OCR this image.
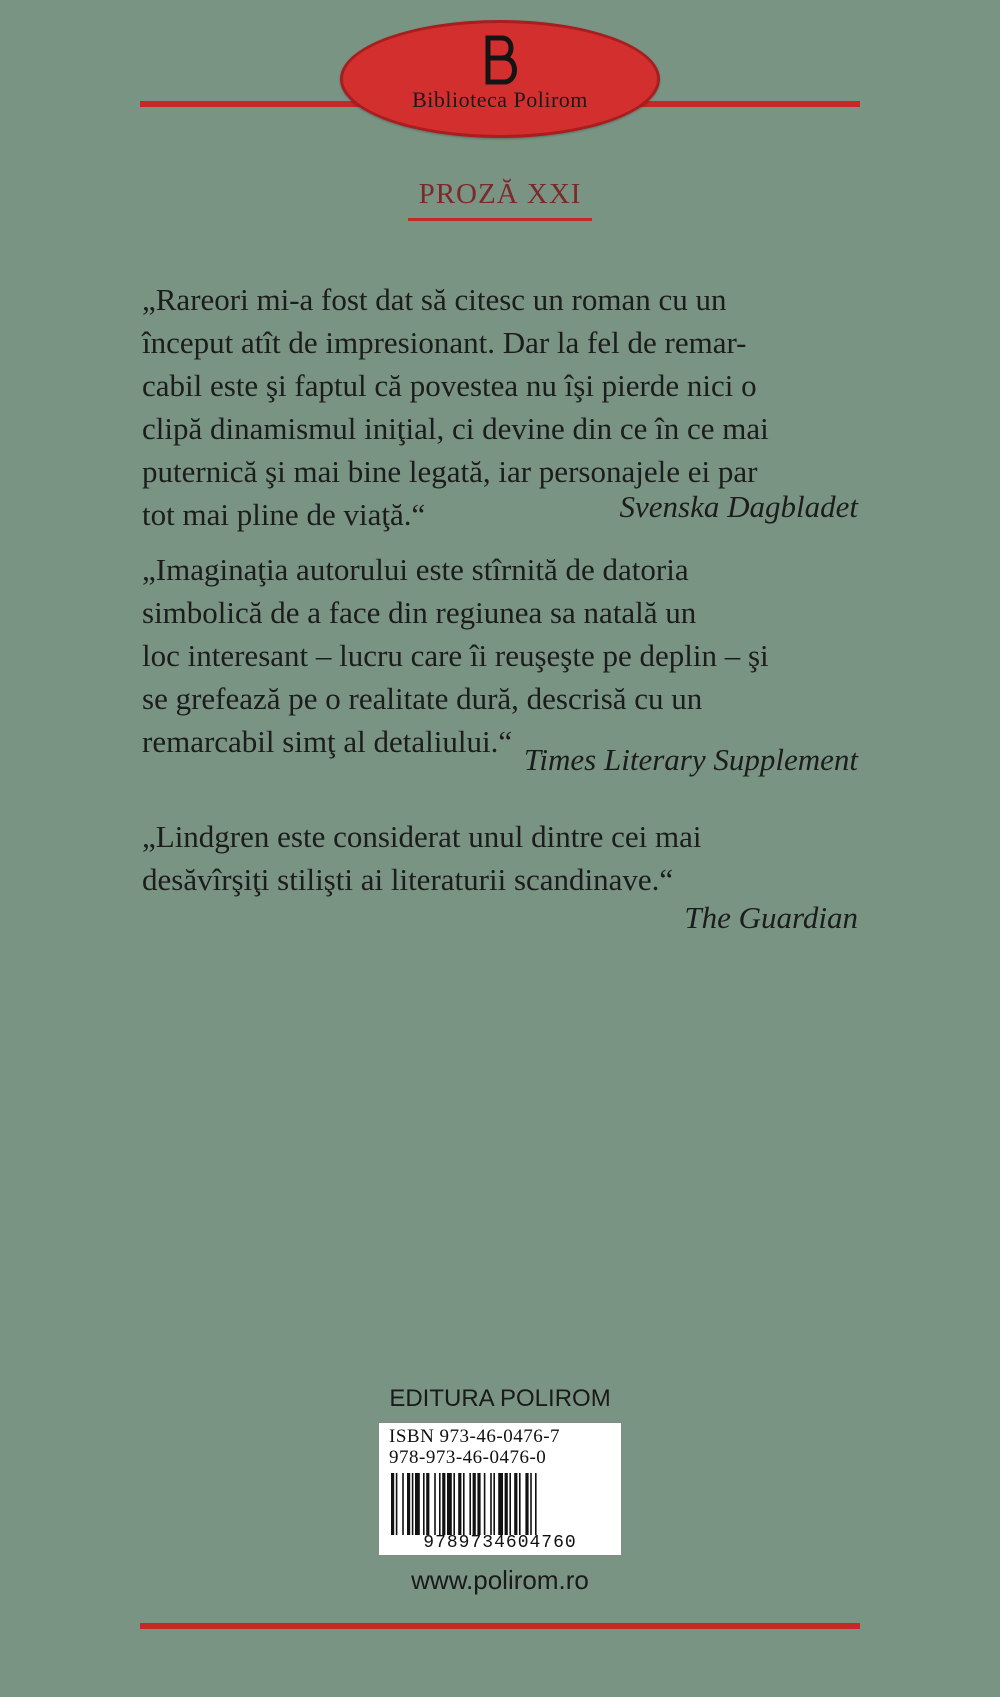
Biblioteca Polirom
PROZĂ XXI
„Rareori mi-a fost dat să citesc un roman cu un
început atît de impresionant. Dar la fel de remar-
cabil este şi faptul că povestea nu îşi pierde nici o
clipă dinamismul iniţial, ci devine din ce în ce mai
puternică şi mai bine legată, iar personajele ei par
tot mai pline de viaţă.“	Svenska Dagbladet
„Imaginaţia autorului este stîrnită de datoria
simbolică de a face din regiunea sa natală un
loc interesant – lucru care îi reuşeşte pe deplin – şi
se grefează pe o realitate dură, descrisă cu un
remarcabil simţ al detaliului.“
Times Literary Supplement
„Lindgren este considerat unul dintre cei mai
desăvîrşiţi stilişti ai literaturii scandinave.“
The Guardian
EDITURA POLIROM
ISBN 973-46-0476-7
978-973-46-0476-0
9789734604760
www.polirom.ro
